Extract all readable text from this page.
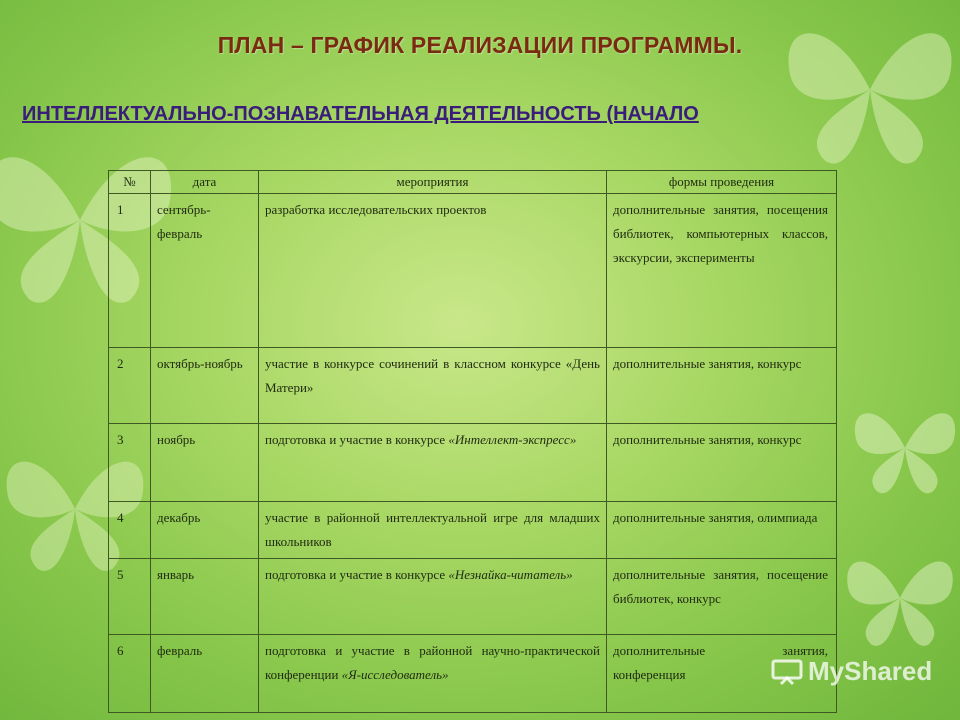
ПЛАН – ГРАФИК РЕАЛИЗАЦИИ ПРОГРАММЫ.
ИНТЕЛЛЕКТУАЛЬНО-ПОЗНАВАТЕЛЬНАЯ ДЕЯТЕЛЬНОСТЬ (НАЧАЛО
№	дата	мероприятия	формы проведения
1	сентябрь-февраль	разработка исследовательских проектов	дополнительные занятия, посещения библиотек, компьютерных классов, экскурсии, эксперименты
2	октябрь-ноябрь	участие в конкурсе сочинений в классном конкурсе «День Матери»	дополнительные занятия, конкурс
3	ноябрь	подготовка и участие в конкурсе «Интеллект-экспресс»	дополнительные занятия, конкурс
4	декабрь	участие в районной интеллектуальной игре для младших школьников	дополнительные занятия, олимпиада
5	январь	подготовка и участие в конкурсе «Незнайка-читатель»	дополнительные занятия, посещение библиотек, конкурс
6	февраль	подготовка и участие в районной научно-практической конференции «Я-исследователь»	дополнительные занятия, конференция	MyShared
